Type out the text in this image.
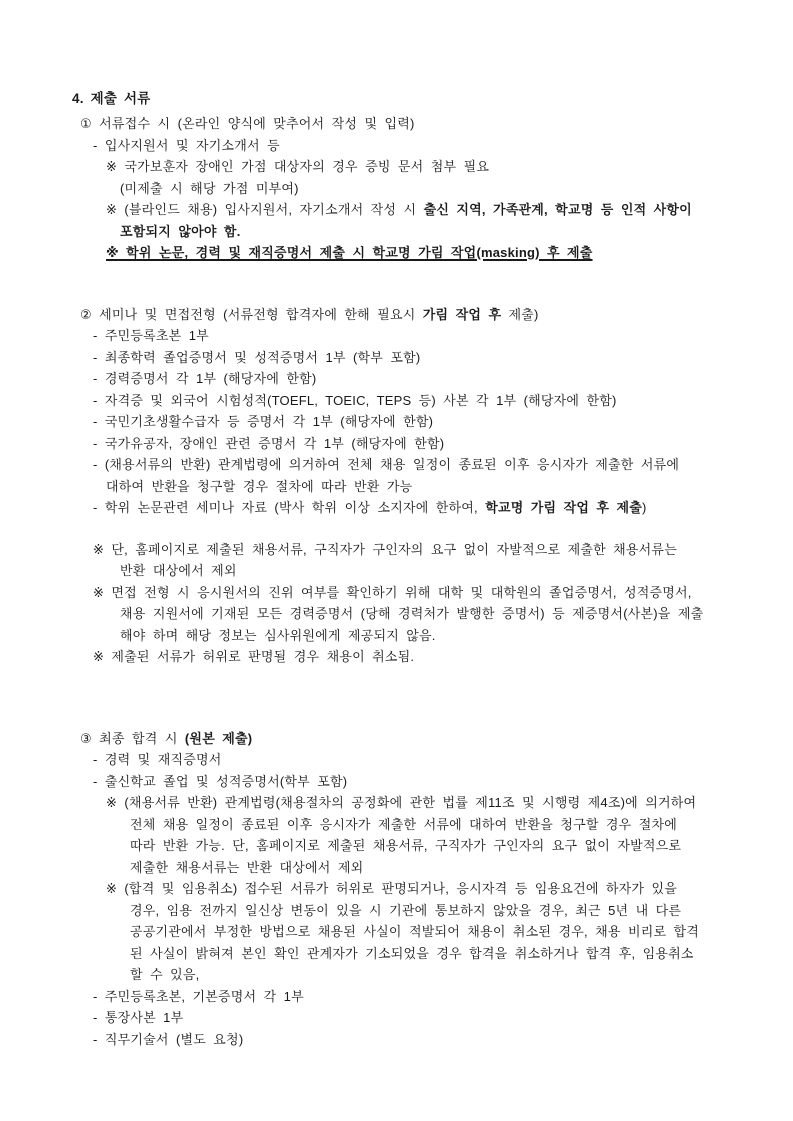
4. 제출 서류
① 서류접수 시 (온라인 양식에 맞추어서 작성 및 입력)
- 입사지원서 및 자기소개서 등
※ 국가보훈자 장애인 가점 대상자의 경우 증빙 문서 첨부 필요
(미제출 시 해당 가점 미부여)
※ (블라인드 채용) 입사지원서, 자기소개서 작성 시 출신 지역, 가족관계, 학교명 등 인적 사항이
포함되지 않아야 함.
※ 학위 논문, 경력 및 재직증명서 제출 시 학교명 가림 작업(masking) 후 제출
② 세미나 및 면접전형 (서류전형 합격자에 한해 필요시 가림 작업 후 제출)
- 주민등록초본 1부
- 최종학력 졸업증명서 및 성적증명서 1부 (학부 포함)
- 경력증명서 각 1부 (해당자에 한함)
- 자격증 및 외국어 시험성적(TOEFL, TOEIC, TEPS 등) 사본 각 1부 (해당자에 한함)
- 국민기초생활수급자 등 증명서 각 1부 (해당자에 한함)
- 국가유공자, 장애인 관련 증명서 각 1부 (해당자에 한함)
- (채용서류의 반환) 관계법령에 의거하여 전체 채용 일정이 종료된 이후 응시자가 제출한 서류에
대하여 반환을 청구할 경우 절차에 따라 반환 가능
- 학위 논문관련 세미나 자료 (박사 학위 이상 소지자에 한하여, 학교명 가림 작업 후 제출)
※ 단, 홈페이지로 제출된 채용서류, 구직자가 구인자의 요구 없이 자발적으로 제출한 채용서류는
반환 대상에서 제외
※ 면접 전형 시 응시원서의 진위 여부를 확인하기 위해 대학 및 대학원의 졸업증명서, 성적증명서,
채용 지원서에 기재된 모든 경력증명서 (당해 경력처가 발행한 증명서) 등 제증명서(사본)을 제출
해야 하며 해당 정보는 심사위원에게 제공되지 않음.
※ 제출된 서류가 허위로 판명될 경우 채용이 취소됨.
③ 최종 합격 시 (원본 제출)
- 경력 및 재직증명서
- 출신학교 졸업 및 성적증명서(학부 포함)
※ (채용서류 반환) 관계법령(채용절차의 공정화에 관한 법률 제11조 및 시행령 제4조)에 의거하여
전체 채용 일정이 종료된 이후 응시자가 제출한 서류에 대하여 반환을 청구할 경우 절차에
따라 반환 가능. 단, 홈페이지로 제출된 채용서류, 구직자가 구인자의 요구 없이 자발적으로
제출한 채용서류는 반환 대상에서 제외
※ (합격 및 임용취소) 접수된 서류가 허위로 판명되거나, 응시자격 등 임용요건에 하자가 있을
경우, 임용 전까지 일신상 변동이 있을 시 기관에 통보하지 않았을 경우, 최근 5년 내 다른
공공기관에서 부정한 방법으로 채용된 사실이 적발되어 채용이 취소된 경우, 채용 비리로 합격
된 사실이 밝혀져 본인 확인 관계자가 기소되었을 경우 합격을 취소하거나 합격 후, 임용취소
할 수 있음,
- 주민등록초본, 기본증명서 각 1부
- 통장사본 1부
- 직무기술서 (별도 요청)
